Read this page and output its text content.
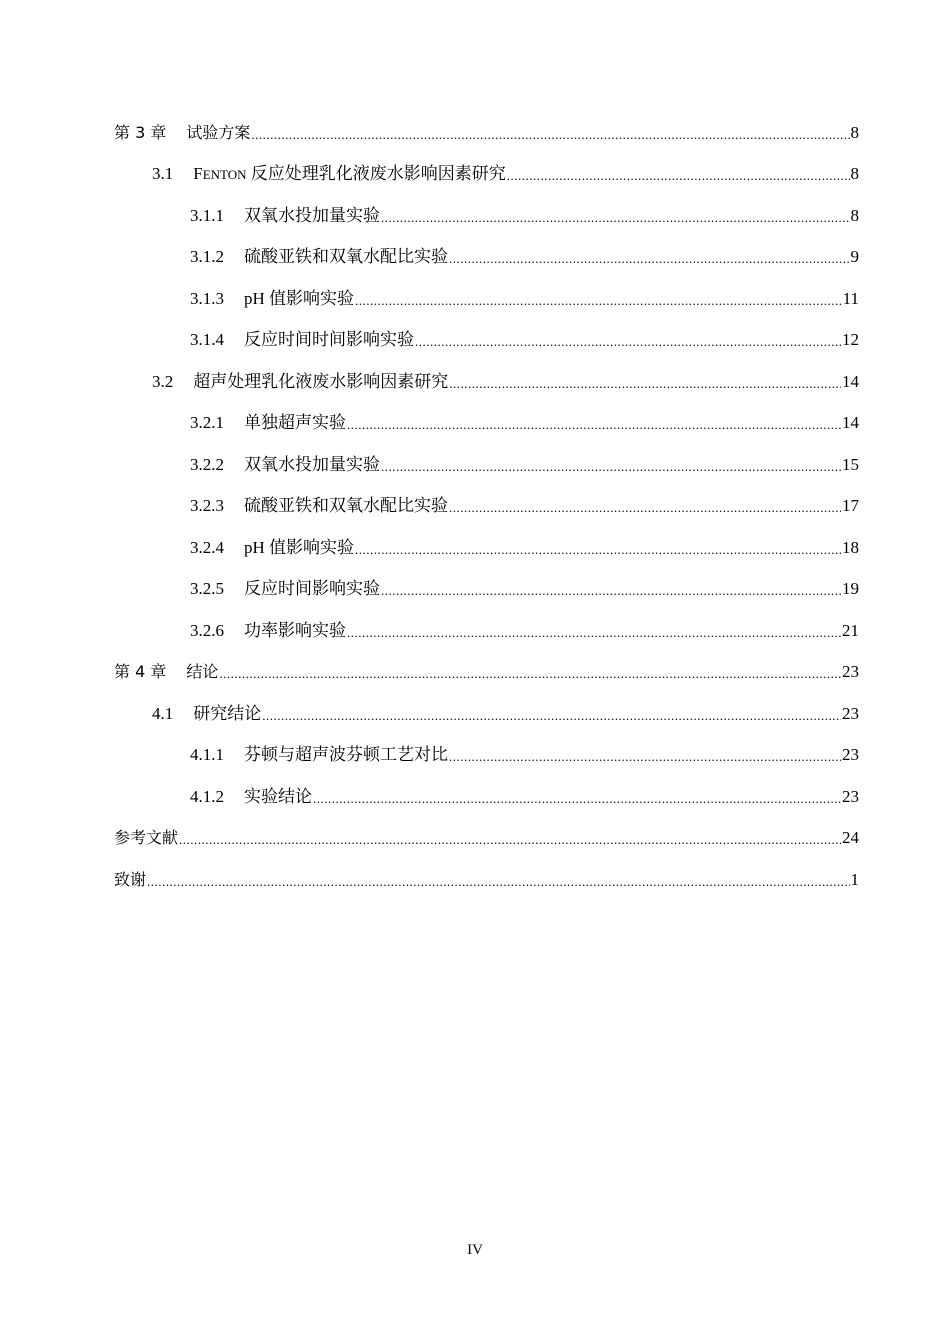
第 3 章 试验方案 .....	8
3.1 FENTON 反应处理乳化液废水影响因素研究 .....	8
3.1.1 双氧水投加量实验 .....	8
3.1.2 硫酸亚铁和双氧水配比实验 .....	9
3.1.3 pH 值影响实验 .....	11
3.1.4 反应时间时间影响实验 .....	12
3.2 超声处理乳化液废水影响因素研究 .....	14
3.2.1 单独超声实验 .....	14
3.2.2 双氧水投加量实验 .....	15
3.2.3 硫酸亚铁和双氧水配比实验 .....	17
3.2.4 pH 值影响实验 .....	18
3.2.5 反应时间影响实验 .....	19
3.2.6 功率影响实验 .....	21
第 4 章 结论 .....	23
4.1 研究结论 .....	23
4.1.1 芬顿与超声波芬顿工艺对比 .....	23
4.1.2 实验结论 .....	23
参考文献 .....	24
致谢 .....	1
IV
